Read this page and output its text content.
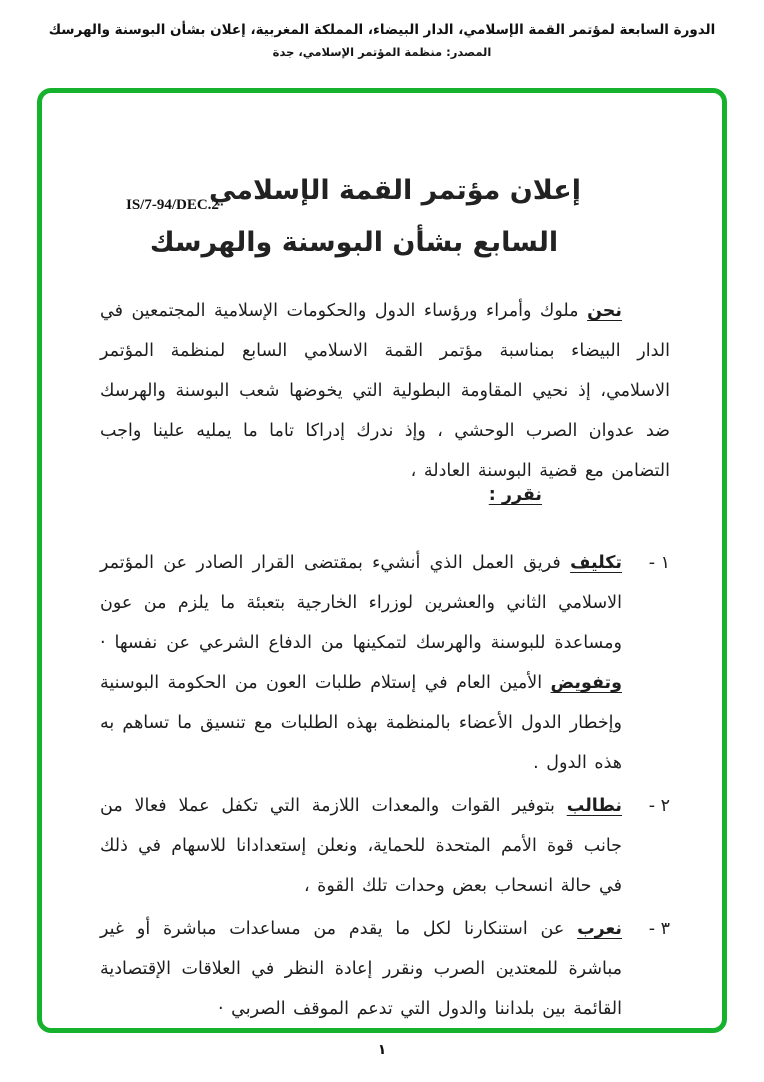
الدورة السابعة لمؤتمر القمة الإسلامي، الدار البيضاء، المملكة المغربية، إعلان بشأن البوسنة والهرسك
المصدر: منظمة المؤتمر الإسلامي، جدة
IS/7-94/DEC.2
إعلان مؤتمر القمة الإسلامي
السابع بشأن البوسنة والهرسك

نحن ملوك وأمراء ورؤساء الدول والحكومات الإسلامية المجتمعين في الدار البيضاء بمناسبة مؤتمر القمة الاسلامي السابع لمنظمة المؤتمر الاسلامي، إذ نحيي المقاومة البطولية التي يخوضها شعب البوسنة والهرسك ضد عدوان الصرب الوحشي ، وإذ ندرك إدراكا تاما ما يمليه علينا واجب التضامن مع قضية البوسنة العادلة ،

نقرر :
١ -

تكليف فريق العمل الذي أنشيء بمقتضى القرار الصادر عن المؤتمر الاسلامي الثاني والعشرين لوزراء الخارجية بتعبئة ما يلزم من عون ومساعدة للبوسنة والهرسك لتمكينها من الدفاع الشرعي عن نفسها · وتفويض الأمين العام في إستلام طلبات العون من الحكومة البوسنية وإخطار الدول الأعضاء بالمنظمة بهذه الطلبات مع تنسيق ما تساهم به هذه الدول .

٢ -

نطالب بتوفير القوات والمعدات اللازمة التي تكفل عملا فعالا من جانب قوة الأمم المتحدة للحماية، ونعلن إستعدادانا للاسهام في ذلك في حالة انسحاب بعض وحدات تلك القوة ،

٣ -

نعرب عن استنكارنا لكل ما يقدم من مساعدات مباشرة أو غير مباشرة للمعتدين الصرب ونقرر إعادة النظر في العلاقات الإقتصادية القائمة بين بلداننا والدول التي تدعم الموقف الصربي ·

١
